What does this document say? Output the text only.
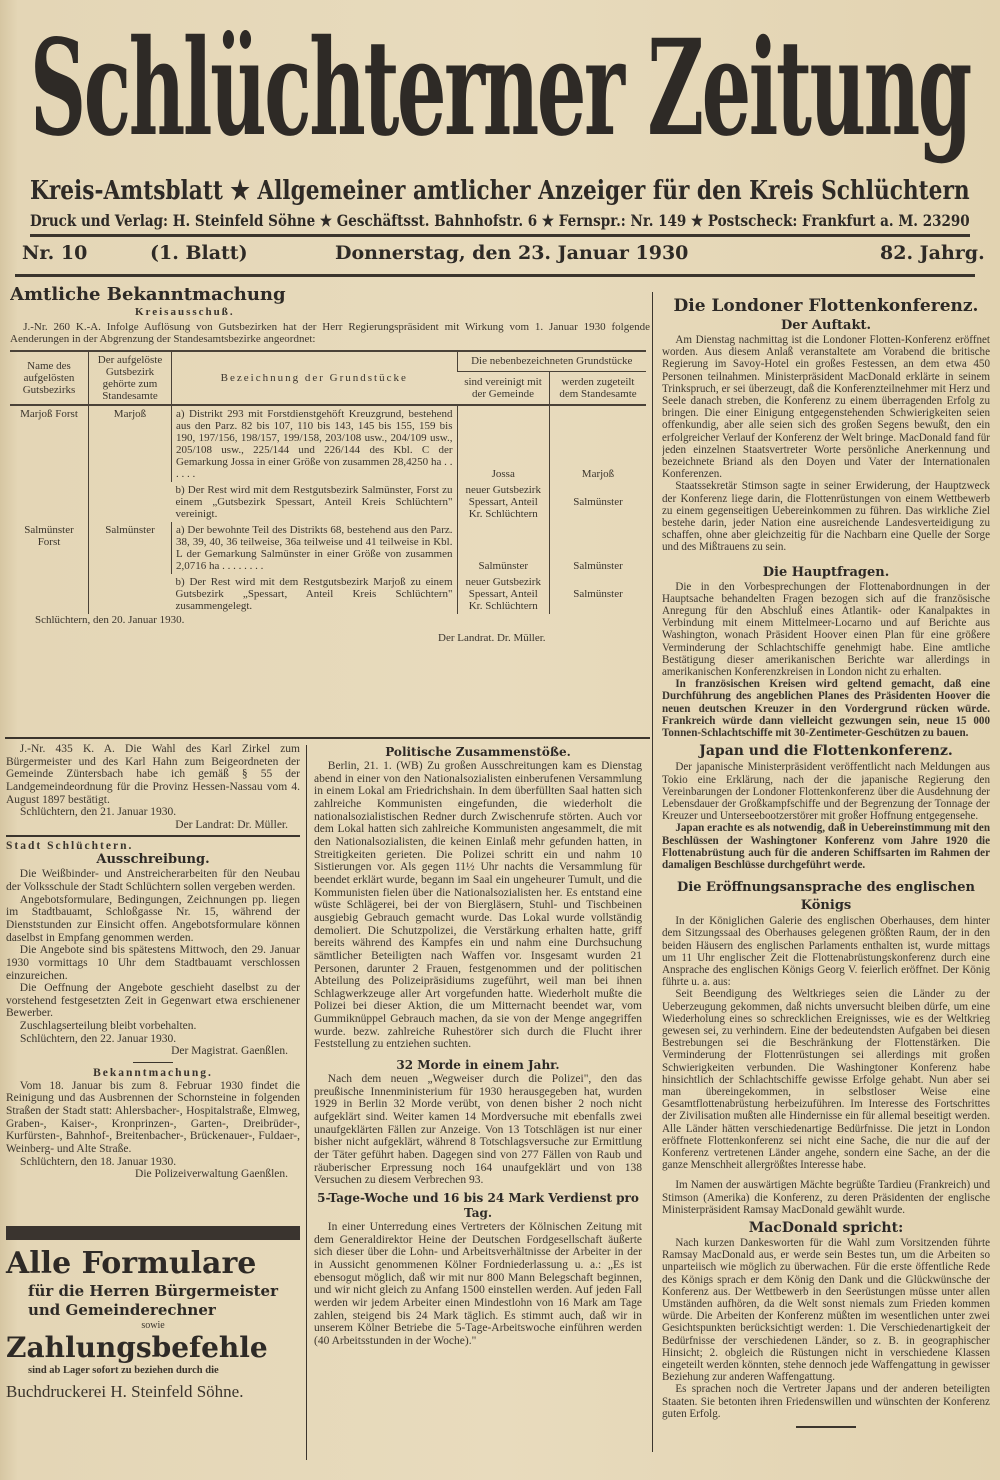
Schlüchterner Zeitung
Kreis-Amtsblatt ★ Allgemeiner amtlicher Anzeiger für den Kreis Schlüchtern
Druck und Verlag: H. Steinfeld Söhne ★ Geschäftsst. Bahnhofstr. 6 ★ Fernspr.: Nr. 149 ★ Postscheck: Frankfurt a. M. 23290
Nr. 10	(1. Blatt)	Donnerstag, den 23. Januar 1930	82. Jahrg.
Amtliche Bekanntmachung
Kreisausschuß.

J.-Nr. 260 K.-A. Infolge Auflösung von Gutsbezirken hat der Herr Regierungspräsident mit Wirkung vom 1. Januar 1930 folgende Aenderungen in der Abgrenzung der Standesamtsbezirke angeordnet:

Name des aufgelösten Gutsbezirks	Der aufgelöste Gutsbezirk gehörte zum Standesamte	Bezeichnung der Grundstücke	Die nebenbezeichneten Grundstücke	
			sind vereinigt mit der Gemeinde	werden zugeteilt dem Standesamte
Marjoß Forst	Marjoß	a) Distrikt 293 mit Forstdienstgehöft Kreuzgrund, bestehend aus den Parz. 82 bis 107, 110 bis 143, 145 bis 155, 159 bis 190, 197/156, 198/157, 199/158, 203/108 usw., 204/109 usw., 205/108 usw., 225/144 und 226/144 des Kbl. C der Gemarkung Jossa in einer Größe von zusammen 28,4250 ha . . . . . .	Jossa	Marjoß
		b) Der Rest wird mit dem Restgutsbezirk Salmünster, Forst zu einem „Gutsbezirk Spessart, Anteil Kreis Schlüchtern" vereinigt.	neuer Gutsbezirk Spessart, Anteil Kr. Schlüchtern	Salmünster
Salmünster Forst	Salmünster	a) Der bewohnte Teil des Distrikts 68, bestehend aus den Parz. 38, 39, 40, 36 teilweise, 36a teilweise und 41 teilweise in Kbl. L der Gemarkung Salmünster in einer Größe von zusammen 2,0716 ha . . . . . . . .	Salmünster	Salmünster
		b) Der Rest wird mit dem Restgutsbezirk Marjoß zu einem Gutsbezirk „Spessart, Anteil Kreis Schlüchtern" zusammengelegt.	neuer Gutsbezirk Spessart, Anteil Kr. Schlüchtern	Salmünster
Schlüchtern, den 20. Januar 1930.
Der Landrat. Dr. Müller.

J.-Nr. 435 K. A. Die Wahl des Karl Zirkel zum Bürgermeister und des Karl Hahn zum Beigeordneten der Gemeinde Züntersbach habe ich gemäß § 55 der Landgemeindeordnung für die Provinz Hessen-Nassau vom 4. August 1897 bestätigt.

Schlüchtern, den 21. Januar 1930.
Der Landrat: Dr. Müller.
Stadt Schlüchtern.
Ausschreibung.

Die Weißbinder- und Anstreicherarbeiten für den Neubau der Volksschule der Stadt Schlüchtern sollen vergeben werden.

Angebotsformulare, Bedingungen, Zeichnungen pp. liegen im Stadtbauamt, Schloßgasse Nr. 15, während der Dienststunden zur Einsicht offen. Angebotsformulare können daselbst in Empfang genommen werden.

Die Angebote sind bis spätestens Mittwoch, den 29. Januar 1930 vormittags 10 Uhr dem Stadtbauamt verschlossen einzureichen.

Die Oeffnung der Angebote geschieht daselbst zu der vorstehend festgesetzten Zeit in Gegenwart etwa erschienener Bewerber.

Zuschlagserteilung bleibt vorbehalten.

Schlüchtern, den 22. Januar 1930.
Der Magistrat. Gaenßlen.
Bekanntmachung.

Vom 18. Januar bis zum 8. Februar 1930 findet die Reinigung und das Ausbrennen der Schornsteine in folgenden Straßen der Stadt statt: Ahlersbacher-, Hospitalstraße, Elmweg, Graben-, Kaiser-, Kronprinzen-, Garten-, Dreibrüder-, Kurfürsten-, Bahnhof-, Breitenbacher-, Brückenauer-, Fuldaer-, Weinberg- und Alte Straße.

Schlüchtern, den 18. Januar 1930.
Die Polizeiverwaltung Gaenßlen.
Alle Formulare
für die Herren Bürgermeister
und Gemeinderechner
sowie
Zahlungsbefehle
sind ab Lager sofort zu beziehen durch die
Buchdruckerei H. Steinfeld Söhne.
Politische Zusammenstöße.

Berlin, 21. 1. (WB) Zu großen Ausschreitungen kam es Dienstag abend in einer von den Nationalsozialisten einberufenen Versammlung in einem Lokal am Friedrichshain. In dem überfüllten Saal hatten sich zahlreiche Kommunisten eingefunden, die wiederholt die nationalsozialistischen Redner durch Zwischenrufe störten. Auch vor dem Lokal hatten sich zahlreiche Kommunisten angesammelt, die mit den Nationalsozialisten, die keinen Einlaß mehr gefunden hatten, in Streitigkeiten gerieten. Die Polizei schritt ein und nahm 10 Sistierungen vor. Als gegen 11½ Uhr nachts die Versammlung für beendet erklärt wurde, begann im Saal ein ungeheurer Tumult, und die Kommunisten fielen über die Nationalsozialisten her. Es entstand eine wüste Schlägerei, bei der von Biergläsern, Stuhl- und Tischbeinen ausgiebig Gebrauch gemacht wurde. Das Lokal wurde vollständig demoliert. Die Schutzpolizei, die Verstärkung erhalten hatte, griff bereits während des Kampfes ein und nahm eine Durchsuchung sämtlicher Beteiligten nach Waffen vor. Insgesamt wurden 21 Personen, darunter 2 Frauen, festgenommen und der politischen Abteilung des Polizeipräsidiums zugeführt, weil man bei ihnen Schlagwerkzeuge aller Art vorgefunden hatte. Wiederholt mußte die Polizei bei dieser Aktion, die um Mitternacht beendet war, vom Gummiknüppel Gebrauch machen, da sie von der Menge angegriffen wurde. bezw. zahlreiche Ruhestörer sich durch die Flucht ihrer Feststellung zu entziehen suchten.

32 Morde in einem Jahr.

Nach dem neuen „Wegweiser durch die Polizei", den das preußische Innenministerium für 1930 herausgegeben hat, wurden 1929 in Berlin 32 Morde verübt, von denen bisher 2 noch nicht aufgeklärt sind. Weiter kamen 14 Mordversuche mit ebenfalls zwei unaufgeklärten Fällen zur Anzeige. Von 13 Totschlägen ist nur einer bisher nicht aufgeklärt, während 8 Totschlagsversuche zur Ermittlung der Täter geführt haben. Dagegen sind von 277 Fällen von Raub und räuberischer Erpressung noch 164 unaufgeklärt und von 138 Versuchen zu diesem Verbrechen 93.

5-Tage-Woche und 16 bis 24 Mark Verdienst pro Tag.

In einer Unterredung eines Vertreters der Kölnischen Zeitung mit dem Generaldirektor Heine der Deutschen Fordgesellschaft äußerte sich dieser über die Lohn- und Arbeitsverhältnisse der Arbeiter in der in Aussicht genommenen Kölner Fordniederlassung u. a.: „Es ist ebensogut möglich, daß wir mit nur 800 Mann Belegschaft beginnen, und wir nicht gleich zu Anfang 1500 einstellen werden. Auf jeden Fall werden wir jedem Arbeiter einen Mindestlohn von 16 Mark am Tage zahlen, steigend bis 24 Mark täglich. Es stimmt auch, daß wir in unserem Kölner Betriebe die 5-Tage-Arbeitswoche einführen werden (40 Arbeitsstunden in der Woche)."

Die Londoner Flottenkonferenz.
Der Auftakt.

Am Dienstag nachmittag ist die Londoner Flotten-Konferenz eröffnet worden. Aus diesem Anlaß veranstaltete am Vorabend die britische Regierung im Savoy-Hotel ein großes Festessen, an dem etwa 450 Personen teilnahmen. Ministerpräsident MacDonald erklärte in seinem Trinkspruch, er sei überzeugt, daß die Konferenzteilnehmer mit Herz und Seele danach streben, die Konferenz zu einem überragenden Erfolg zu bringen. Die einer Einigung entgegenstehenden Schwierigkeiten seien offenkundig, aber alle seien sich des großen Segens bewußt, den ein erfolgreicher Verlauf der Konferenz der Welt bringe. MacDonald fand für jeden einzelnen Staatsvertreter Worte persönliche Anerkennung und bezeichnete Briand als den Doyen und Vater der Internationalen Konferenzen.

Staatssekretär Stimson sagte in seiner Erwiderung, der Hauptzweck der Konferenz liege darin, die Flottenrüstungen von einem Wettbewerb zu einem gegenseitigen Uebereinkommen zu führen. Das wirkliche Ziel bestehe darin, jeder Nation eine ausreichende Landesverteidigung zu schaffen, ohne aber gleichzeitig für die Nachbarn eine Quelle der Sorge und des Mißtrauens zu sein.

Die Hauptfragen.

Die in den Vorbesprechungen der Flottenabordnungen in der Hauptsache behandelten Fragen bezogen sich auf die französische Anregung für den Abschluß eines Atlantik- oder Kanalpaktes in Verbindung mit einem Mittelmeer-Locarno und auf Berichte aus Washington, wonach Präsident Hoover einen Plan für eine größere Verminderung der Schlachtschiffe genehmigt habe. Eine amtliche Bestätigung dieser amerikanischen Berichte war allerdings in amerikanischen Konferenzkreisen in London nicht zu erhalten.

In französischen Kreisen wird geltend gemacht, daß eine Durchführung des angeblichen Planes des Präsidenten Hoover die neuen deutschen Kreuzer in den Vordergrund rücken würde. Frankreich würde dann vielleicht gezwungen sein, neue 15 000 Tonnen-Schlachtschiffe mit 30-Zentimeter-Geschützen zu bauen.

Japan und die Flottenkonferenz.

Der japanische Ministerpräsident veröffentlicht nach Meldungen aus Tokio eine Erklärung, nach der die japanische Regierung den Vereinbarungen der Londoner Flottenkonferenz über die Ausdehnung der Lebensdauer der Großkampfschiffe und der Begrenzung der Tonnage der Kreuzer und Unterseebootzerstörer mit großer Hoffnung entgegensehe.

Japan erachte es als notwendig, daß in Uebereinstimmung mit den Beschlüssen der Washingtoner Konferenz vom Jahre 1920 die Flottenabrüstung auch für die anderen Schiffsarten im Rahmen der damaligen Beschlüsse durchgeführt werde.

Die Eröffnungsansprache des englischen Königs

In der Königlichen Galerie des englischen Oberhauses, dem hinter dem Sitzungssaal des Oberhauses gelegenen größten Raum, der in den beiden Häusern des englischen Parlaments enthalten ist, wurde mittags um 11 Uhr englischer Zeit die Flottenabrüstungskonferenz durch eine Ansprache des englischen Königs Georg V. feierlich eröffnet. Der König führte u. a. aus:

Seit Beendigung des Weltkrieges seien die Länder zu der Ueberzeugung gekommen, daß nichts unversucht bleiben dürfe, um eine Wiederholung eines so schrecklichen Ereignisses, wie es der Weltkrieg gewesen sei, zu verhindern. Eine der bedeutendsten Aufgaben bei diesen Bestrebungen sei die Beschränkung der Flottenstärken. Die Verminderung der Flottenrüstungen sei allerdings mit großen Schwierigkeiten verbunden. Die Washingtoner Konferenz habe hinsichtlich der Schlachtschiffe gewisse Erfolge gehabt. Nun aber sei man übereingekommen, in selbstloser Weise eine Gesamtflottenabrüstung herbeizuführen. Im Interesse des Fortschrittes der Zivilisation mußten alle Hindernisse ein für allemal beseitigt werden. Alle Länder hätten verschiedenartige Bedürfnisse. Die jetzt in London eröffnete Flottenkonferenz sei nicht eine Sache, die nur die auf der Konferenz vertretenen Länder angehe, sondern eine Sache, an der die ganze Menschheit allergrößtes Interesse habe.

Im Namen der auswärtigen Mächte begrüßte Tardieu (Frankreich) und Stimson (Amerika) die Konferenz, zu deren Präsidenten der englische Ministerpräsident Ramsay MacDonald gewählt wurde.

MacDonald spricht:

Nach kurzen Dankesworten für die Wahl zum Vorsitzenden führte Ramsay MacDonald aus, er werde sein Bestes tun, um die Arbeiten so unparteiisch wie möglich zu überwachen. Für die erste öffentliche Rede des Königs sprach er dem König den Dank und die Glückwünsche der Konferenz aus. Der Wettbewerb in den Seerüstungen müsse unter allen Umständen aufhören, da die Welt sonst niemals zum Frieden kommen würde. Die Arbeiten der Konferenz müßten im wesentlichen unter zwei Gesichtspunkten berücksichtigt werden: 1. Die Verschiedenartigkeit der Bedürfnisse der verschiedenen Länder, so z. B. in geographischer Hinsicht; 2. obgleich die Rüstungen nicht in verschiedene Klassen eingeteilt werden könnten, stehe dennoch jede Waffengattung in gewisser Beziehung zur anderen Waffengattung.

Es sprachen noch die Vertreter Japans und der anderen beteiligten Staaten. Sie betonten ihren Friedenswillen und wünschten der Konferenz guten Erfolg.
